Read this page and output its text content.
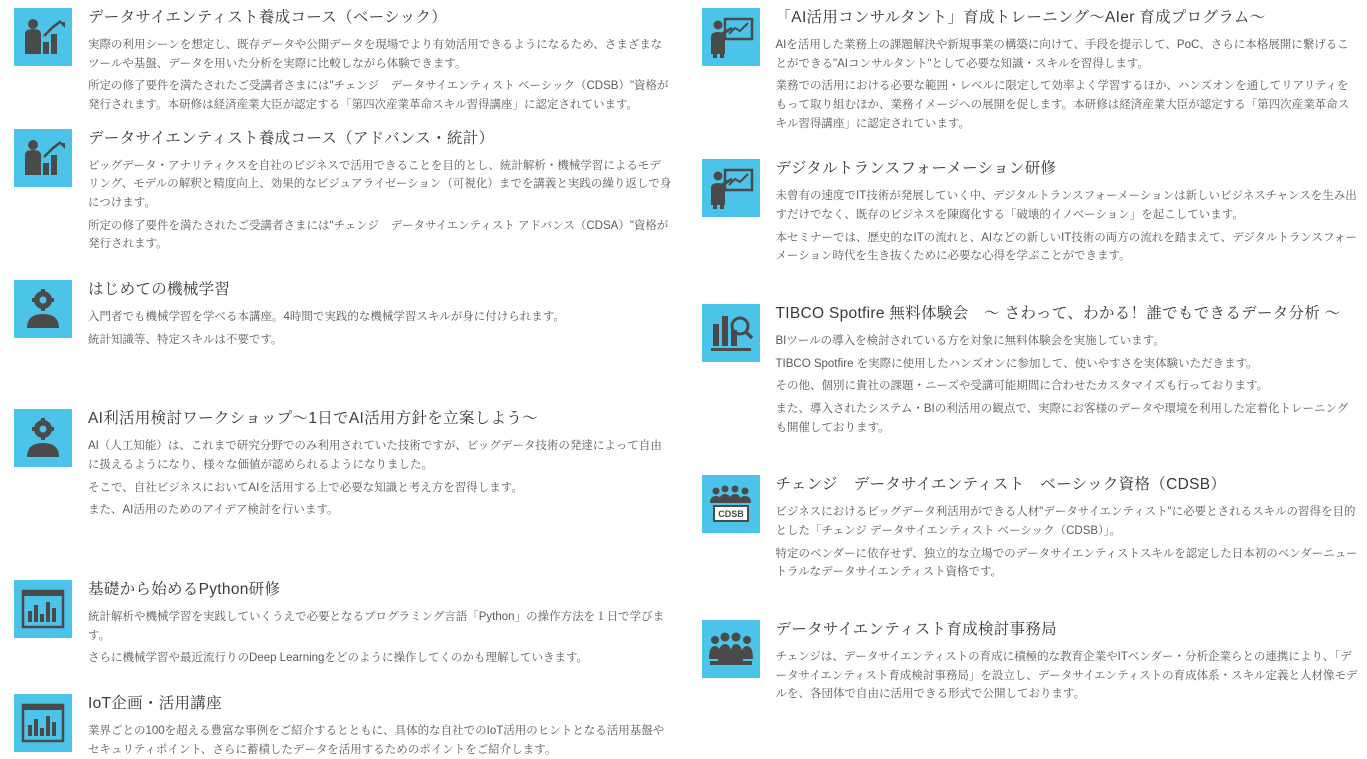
データサイエンティスト養成コース（ベーシック）

実際の利用シーンを想定し、既存データや公開データを現場でより有効活用できるようになるため、さまざまなツールや基盤、データを用いた分析を実際に比較しながら体験できます。

所定の修了要件を満たされたご受講者さまには"チェンジ　データサイエンティスト ベーシック（CDSB）"資格が発行されます。本研修は経済産業大臣が認定する「第四次産業革命スキル習得講座」に認定されています。

データサイエンティスト養成コース（アドバンス・統計）

ビッグデータ・アナリティクスを自社のビジネスで活用できることを目的とし、統計解析・機械学習によるモデリング、モデルの解釈と精度向上、効果的なビジュアライゼーション（可視化）までを講義と実践の繰り返しで身につけます。

所定の修了要件を満たされたご受講者さまには"チェンジ　データサイエンティスト アドバンス（CDSA）"資格が発行されます。

はじめての機械学習

入門者でも機械学習を学べる本講座。4時間で実践的な機械学習スキルが身に付けられます。

統計知識等、特定スキルは不要です。

AI利活用検討ワークショップ〜1日でAI活用方針を立案しよう〜

AI（人工知能）は、これまで研究分野でのみ利用されていた技術ですが、ビッグデータ技術の発達によって自由に扱えるようになり、様々な価値が認められるようになりました。

そこで、自社ビジネスにおいてAIを活用する上で必要な知識と考え方を習得します。

また、AI活用のためのアイデア検討を行います。

基礎から始めるPython研修

統計解析や機械学習を実践していくうえで必要となるプログラミング言語「Python」の操作方法を１日で学びます。

さらに機械学習や最近流行りのDeep Learningをどのように操作してくのかも理解していきます。

IoT企画・活用講座

業界ごとの100を超える豊富な事例をご紹介するとともに、具体的な自社でのIoT活用のヒントとなる活用基盤やセキュリティポイント、さらに蓄積したデータを活用するためのポイントをご紹介します。

「AI活用コンサルタント」育成トレーニング〜AIer 育成プログラム〜

AIを活用した業務上の課題解決や新規事業の構築に向けて、手段を提示して、PoC、さらに本格展開に繋げることができる"AIコンサルタント"として必要な知識・スキルを習得します。

業務での活用における必要な範囲・レベルに限定して効率よく学習するほか、ハンズオンを通してリアリティをもって取り組むほか、業務イメージへの展開を促します。本研修は経済産業大臣が認定する「第四次産業革命スキル習得講座」に認定されています。

デジタルトランスフォーメーション研修

未曾有の速度でIT技術が発展していく中、デジタルトランスフォーメーションは新しいビジネスチャンスを生み出すだけでなく、既存のビジネスを陳腐化する「破壊的イノベーション」を起こしています。

本セミナーでは、歴史的なITの流れと、AIなどの新しいIT技術の両方の流れを踏まえて、デジタルトランスフォーメーション時代を生き抜くために必要な心得を学ぶことができます。

TIBCO Spotfire 無料体験会　〜 さわって、わかる！誰でもできるデータ分析 〜

BIツールの導入を検討されている方を対象に無料体験会を実施しています。

TIBCO Spotfire を実際に使用したハンズオンに参加して、使いやすさを実体験いただきます。

その他、個別に貴社の課題・ニーズや受講可能期間に合わせたカスタマイズも行っております。

また、導入されたシステム・BIの利活用の観点で、実際にお客様のデータや環境を利用した定着化トレーニングも開催しております。

CDSB
チェンジ　データサイエンティスト　ベーシック資格（CDSB）

ビジネスにおけるビッグデータ利活用ができる人材"データサイエンティスト"に必要とされるスキルの習得を目的とした「チェンジ データサイエンティスト ベーシック（CDSB）」。

特定のベンダーに依存せず、独立的な立場でのデータサイエンティストスキルを認定した日本初のベンダーニュートラルなデータサイエンティスト資格です。

データサイエンティスト育成検討事務局

チェンジは、データサイエンティストの育成に積極的な教育企業やITベンダー・分析企業らとの連携により、「データサイエンティスト育成検討事務局」を設立し、データサイエンティストの育成体系・スキル定義と人材像モデルを、各団体で自由に活用できる形式で公開しております。
